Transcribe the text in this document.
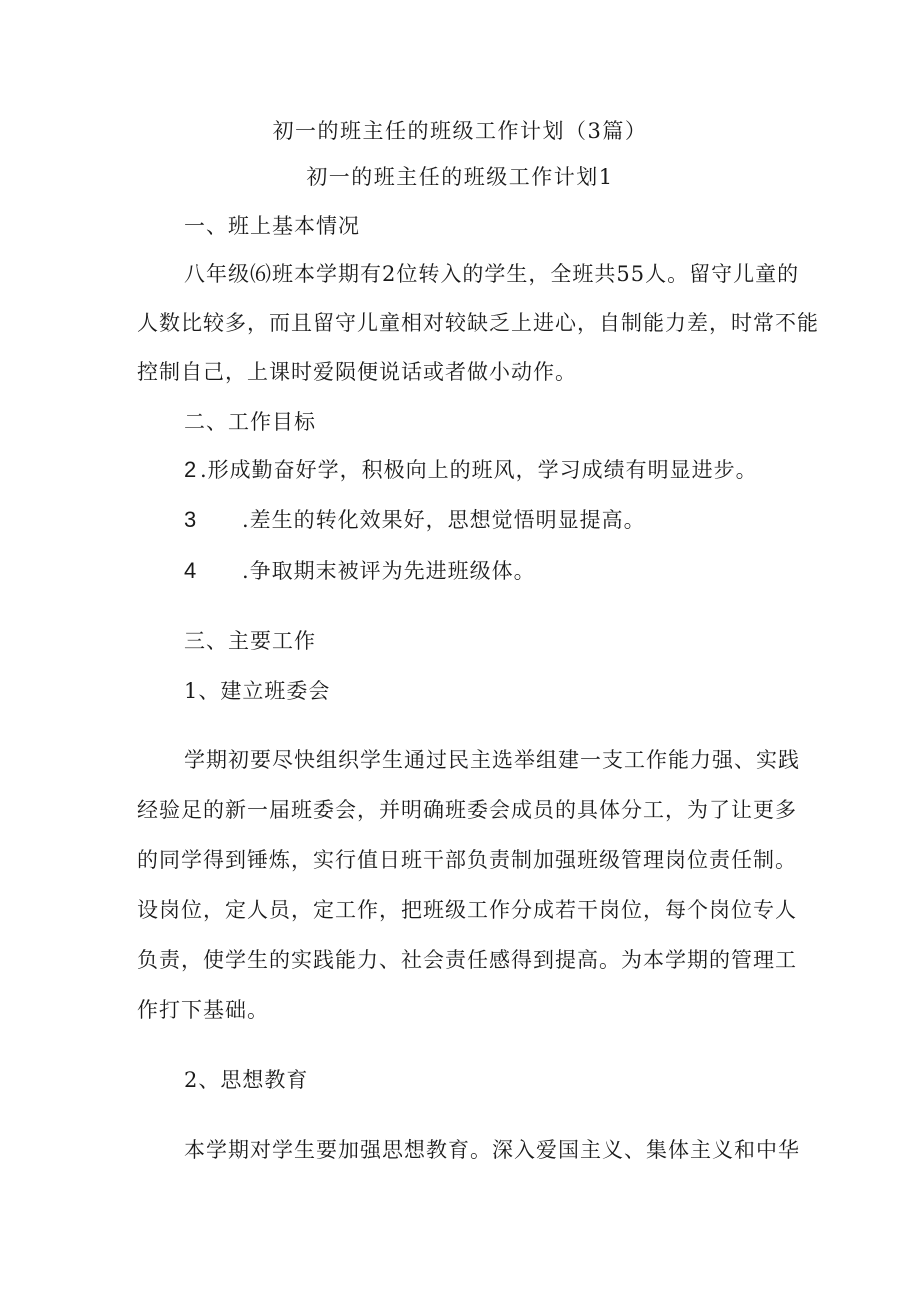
初一的班主任的班级工作计划（3篇）
初一的班主任的班级工作计划1
一、班上基本情况
八年级⑹班本学期有2位转入的学生，全班共55人。留守儿童的
人数比较多，而且留守儿童相对较缺乏上进心，自制能力差，时常不能
控制自己，上课时爱陨便说话或者做小动作。
二、工作目标
2 .形成勤奋好学，积极向上的班风，学习成绩有明显进步。
3 .差生的转化效果好，思想觉悟明显提高。
4 .争取期末被评为先进班级体。
三、主要工作
1、建立班委会
学期初要尽快组织学生通过民主选举组建一支工作能力强、实践
经验足的新一届班委会，并明确班委会成员的具体分工，为了让更多
的同学得到锤炼，实行值日班干部负责制加强班级管理岗位责任制。
设岗位，定人员，定工作，把班级工作分成若干岗位，每个岗位专人
负责，使学生的实践能力、社会责任感得到提高。为本学期的管理工
作打下基础。
2、思想教育
本学期对学生要加强思想教育。深入爱国主义、集体主义和中华
